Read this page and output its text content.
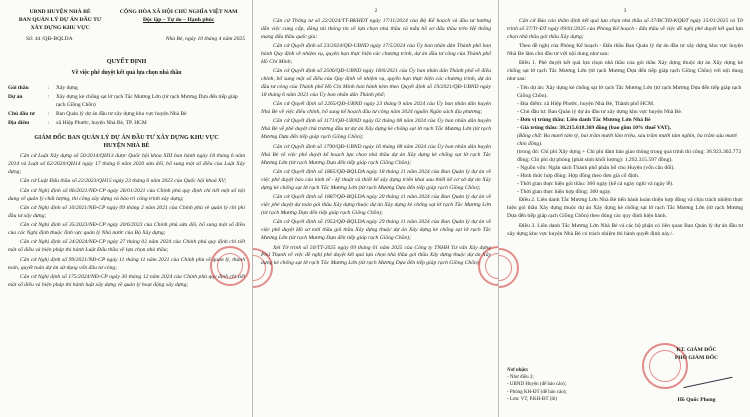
UBND HUYỆN NHÀ BÈ
BAN QUẢN LÝ DỰ ÁN ĐẦU TƯ
XÂY DỰNG KHU VỰC
CỘNG HÒA XÃ HỘI CHỦ NGHĨA VIỆT NAM
Độc lập – Tự do – Hạnh phúc
Số: 44 /QĐ-BQLDA	Nhà Bè, ngày 10 tháng 4 năm 2025
QUYẾT ĐỊNH
Về việc phê duyệt kết quả lựa chọn nhà thầu
Gói thầu	:	Xây dựng
Dự án	:	Xây dựng kè chống sạt lở rạch Tắc Mương Lớn (từ rạch Mương Dựa đến tiếp giáp rạch Giồng Chồn)
Chủ đầu tư	:	Ban Quản lý dự án đầu tư xây dựng khu vực huyện Nhà Bè
Địa điểm	:	xã Hiệp Phước, huyện Nhà Bè, TP. HCM
GIÁM ĐỐC BAN QUẢN LÝ DỰ ÁN ĐẦU TƯ XÂY DỰNG KHU VỰC
HUYỆN NHÀ BÈ

Căn cứ Luật Xây dựng số 50/2014/QH13 được Quốc hội khóa XIII ban hành ngày 18 tháng 6 năm 2014 và Luật số 62/2020/QH14 ngày 17 tháng 6 năm 2020 sửa đổi, bổ sung một số điều của Luật Xây dựng;

Căn cứ Luật Đấu thầu số 22/2023/QH15 ngày 23 tháng 6 năm 2023 của Quốc hội khoá XV;

Căn cứ Nghị định số 06/2021/NĐ-CP ngày 26/01/2021 của Chính phủ quy định chi tiết một số nội dung về quản lý chất lượng, thi công xây dựng và bảo trì công trình xây dựng;

Căn cứ Nghị định số 10/2021/NĐ-CP ngày 09 tháng 2 năm 2021 của Chính phủ về quản lý chi phí đầu tư xây dựng;

Căn cứ Nghị định số 35/2023/NĐ-CP ngày 20/6/2023 của Chính phủ sửa đổi, bổ sung một số điều của các Nghị định thuộc lĩnh vực quản lý Nhà nước của Bộ Xây dựng;

Căn cứ Nghị định số 24/2024/NĐ-CP ngày 27 tháng 02 năm 2024 của Chính phủ quy định chi tiết một số điều và biện pháp thi hành Luật Đấu thầu về lựa chọn nhà thầu;

Căn cứ Nghị định số 99/2021/NĐ-CP ngày 11 tháng 11 năm 2021 của Chính phủ về quản lý, thanh toán, quyết toán dự án sử dụng vốn đầu tư công;

Căn cứ Nghị định số 175/2024/NĐ-CP ngày 30 tháng 12 năm 2024 của Chính phủ quy định chi tiết một số điều và biện pháp thi hành luật xây dựng về quản lý hoạt động xây dựng;

2

Căn cứ Thông tư số 22/2024/TT-BKHĐT ngày 17/11/2024 của Bộ Kế hoạch và đầu tư hướng dẫn việc cung cấp, đăng tải thông tin về lựa chọn nhà thầu và mẫu hồ sơ đấu thầu trên Hệ thống mạng đấu thầu quốc gia;

Căn cứ Quyết định số 23/2024/QĐ-UBND ngày 17/5/2024 của Ủy ban nhân dân Thành phố ban hành Quy định về nhiệm vụ, quyền hạn thực hiện các chương trình, dự án đầu tư công của Thành phố Hồ Chí Minh;

Căn cứ Quyết định số 2506/QĐ-UBND ngày 18/6/2021 của Ủy ban nhân dân Thành phố về điều chỉnh, bổ sung một số điều của Quy định về nhiệm vụ, quyền hạn thực hiện các chương trình, dự án đầu tư công của Thành phố Hồ Chí Minh ban hành kèm theo Quyết định số 19/2021/QĐ-UBND ngày 18 tháng 6 năm 2021 của Ủy ban nhân dân Thành phố;

Căn cứ Quyết định số 2265/QĐ-UBND ngày 23 tháng 9 năm 2024 của Ủy ban nhân dân huyện Nhà Bè về việc điều chỉnh, bổ sung kế hoạch đầu tư công năm 2024 nguồn Ngân sách địa phương;

Căn cứ Quyết định số 1171/QĐ-UBND ngày 02 tháng 08 năm 2024 của Ủy ban nhân dân huyện Nhà Bè về phê duyệt chủ trương đầu tư dự án Xây dựng kè chống sạt lở rạch Tắc Mương Lớn (từ rạch Mương Dựa đến tiếp giáp rạch Giồng Chồn);

Căn cứ Quyết định số 1790/QĐ-UBND ngày 16 tháng 08 năm 2024 của Ủy ban nhân dân huyện Nhà Bè về việc phê duyệt kế hoạch lựa chọn nhà thầu dự án Xây dựng kè chống sạt lở rạch Tắc Mương Lớn (từ rạch Mương Dựa đến tiếp giáp rạch Giồng Chồn);

Căn cứ Quyết định số 1865/QĐ-BQLDA ngày 18 tháng 11 năm 2024 của Ban Quản lý dự án về việc phê duyệt báo cáo kinh tế - kỹ thuật và thiết kế xây dựng triển khai sau thiết kế cơ sở dự án Xây dựng kè chống sạt lở rạch Tắc Mương Lớn (từ rạch Mương Dựa đến tiếp giáp rạch Giồng Chồn);

Căn cứ Quyết định số 1887/QĐ-BQLDA ngày 20 tháng 11 năm 2024 của Ban Quản lý dự án về việc phê duyệt dự toán gói thầu Xây dựng thuộc dự án Xây dựng kè chống sạt lở rạch Tắc Mương Lớn (từ rạch Mương Dựa đến tiếp giáp rạch Giồng Chồn);

Căn cứ Quyết định số 1952/QĐ-BQLDA ngày 29 tháng 11 năm 2024 của Ban Quản lý dự án về việc phê duyệt Hồ sơ mời thầu gói thầu Xây dựng thuộc dự án Xây dựng kè chống sạt lở rạch Tắc Mương Lớn (từ rạch Mương Dựa đến tiếp giáp rạch Giồng Chồn);

Xét Tờ trình số 50/TT-2025 ngày 09 tháng 01 năm 2025 của Công ty TNHH Tư vấn Xây dựng Phú Thạnh về việc đề nghị phê duyệt kết quả lựa chọn nhà thầu gói thầu Xây dựng thuộc dự án Xây dựng kè chống sạt lở rạch Tắc Mương Lớn (từ rạch Mương Dựa đến tiếp giáp rạch Giồng Chồn);

3

Căn cứ Báo cáo thẩm định kết quả lựa chọn nhà thầu số 37/BCTĐ-KQĐT ngày 15/01/2025 và Tờ trình số 37/Tr-ĐT ngày 09/01/2025 của Phòng Kế hoạch - đấu thầu về việc đề nghị phê duyệt kết quả lựa chọn nhà thầu gói thầu Xây dựng;

Theo đề nghị của Phòng Kế hoạch - Đấu thầu Ban Quản lý dự án đầu tư xây dựng khu vực huyện Nhà Bè lâm chủ đầu tư với nội dung như sau:

Điều 1. Phê duyệt kết quả lựa chọn nhà thầu của gói thầu Xây dựng thuộc dự án Xây dựng kè chống sạt lở rạch Tắc Mương Lớn (từ rạch Mương Dựa đến tiếp giáp rạch Giồng Chồn) với nội dung như sau:

- Tên dự án: Xây dựng kè chống sạt lở rạch Tắc Mương Lớn (từ rạch Mương Dựa đến tiếp giáp rạch Giồng Chồn).
- Địa điểm: xã Hiệp Phước, huyện Nhà Bè, Thành phố HCM.
- Chủ đầu tư: Ban Quản lý dự án đầu tư xây dựng khu vực huyện Nhà Bè.
- Đơn vị trúng thầu: Liên danh Tắc Mương Lớn Nhà Bè
- Giá trúng thầu: 38.215.618.369 đồng (bao gồm 10% thuế VAT),
(Bằng chữ: Ba mươi tám tỷ, hai trăm mười lăm triệu, sáu trăm mười tám nghìn, ba trăm sáu mươi chín đồng).
(trong đó: Chi phí Xây dựng + Chi phí đảm bảo giao thông trong quá trình thi công: 36.923.302.772 đồng; Chi phí dự phòng (phát sinh khối lượng): 1.292.315.597 đồng).
- Nguồn vốn: Ngân sách Thành phố phân bổ cho Huyện (vốn cân đối).
- Hình thức hợp đồng: Hợp đồng theo đơn giá cố định.
- Thời gian thực hiện gói thầu: 360 ngày (kể cả ngày nghỉ và ngày lễ).
- Thời gian thực hiện hợp đồng: 360 ngày.

Điều 2. Liên danh Tắc Mương Lớn Nhà Bè tiến hành hoàn thiện hợp đồng và chịu trách nhiệm thực hiện gói thầu Xây dựng thuộc dự án Xây dựng kè chống sạt lở rạch Tắc Mương Lớn (từ rạch Mương Dựa đến tiếp giáp rạch Giồng Chồn) theo đúng các quy định hiện hành.

Điều 3. Liên danh Tắc Mương Lớn Nhà Bè và các bộ phận có liên quan Ban Quản lý dự án đầu tư xây dựng khu vực huyện Nhà Bè có trách nhiệm thi hành quyết định này./.

Nơi nhận:
- Như điều 3;
- UBND Huyện (để báo cáo);
- Phòng KH-ĐT (để báo cáo);
- Lưu: VT, P.KH-ĐT (lô)
KT. GIÁM ĐỐC
PHÓ GIÁM ĐỐC
Hồ Quốc Phong
